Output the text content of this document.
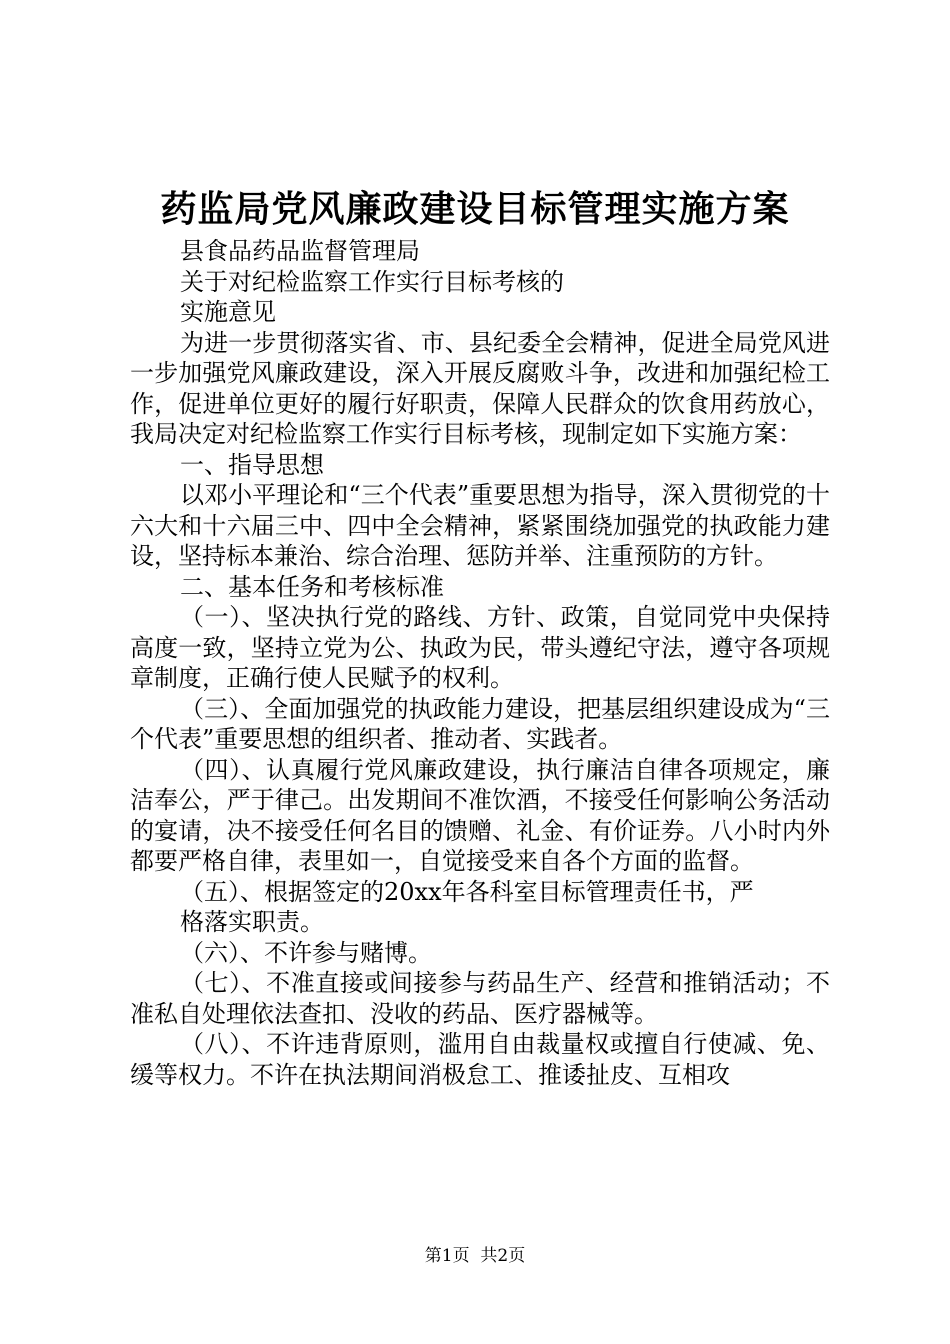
药监局党风廉政建设目标管理实施方案

县食品药品监督管理局

关于对纪检监察工作实行目标考核的

实施意见

为进一步贯彻落实省、市、县纪委全会精神，促进全局党风进一步加强党风廉政建设，深入开展反腐败斗争，改进和加强纪检工作，促进单位更好的履行好职责，保障人民群众的饮食用药放心，我局决定对纪检监察工作实行目标考核，现制定如下实施方案：

一、指导思想

以邓小平理论和“三个代表”重要思想为指导，深入贯彻党的十六大和十六届三中、四中全会精神，紧紧围绕加强党的执政能力建设，坚持标本兼治、综合治理、惩防并举、注重预防的方针。

二、基本任务和考核标准

（一）、坚决执行党的路线、方针、政策，自觉同党中央保持高度一致，坚持立党为公、执政为民，带头遵纪守法，遵守各项规章制度，正确行使人民赋予的权利。

（三）、全面加强党的执政能力建设，把基层组织建设成为“三个代表”重要思想的组织者、推动者、实践者。

（四）、认真履行党风廉政建设，执行廉洁自律各项规定，廉洁奉公，严于律己。出发期间不准饮酒，不接受任何影响公务活动的宴请，决不接受任何名目的馈赠、礼金、有价证券。八小时内外都要严格自律，表里如一，自觉接受来自各个方面的监督。

（五）、根据签定的20xx年各科室目标管理责任书，严

格落实职责。

（六）、不许参与赌博。

（七）、不准直接或间接参与药品生产、经营和推销活动；不准私自处理依法查扣、没收的药品、医疗器械等。

（八）、不许违背原则，滥用自由裁量权或擅自行使减、免、缓等权力。不许在执法期间消极怠工、推诿扯皮、互相攻

第1页 共2页
